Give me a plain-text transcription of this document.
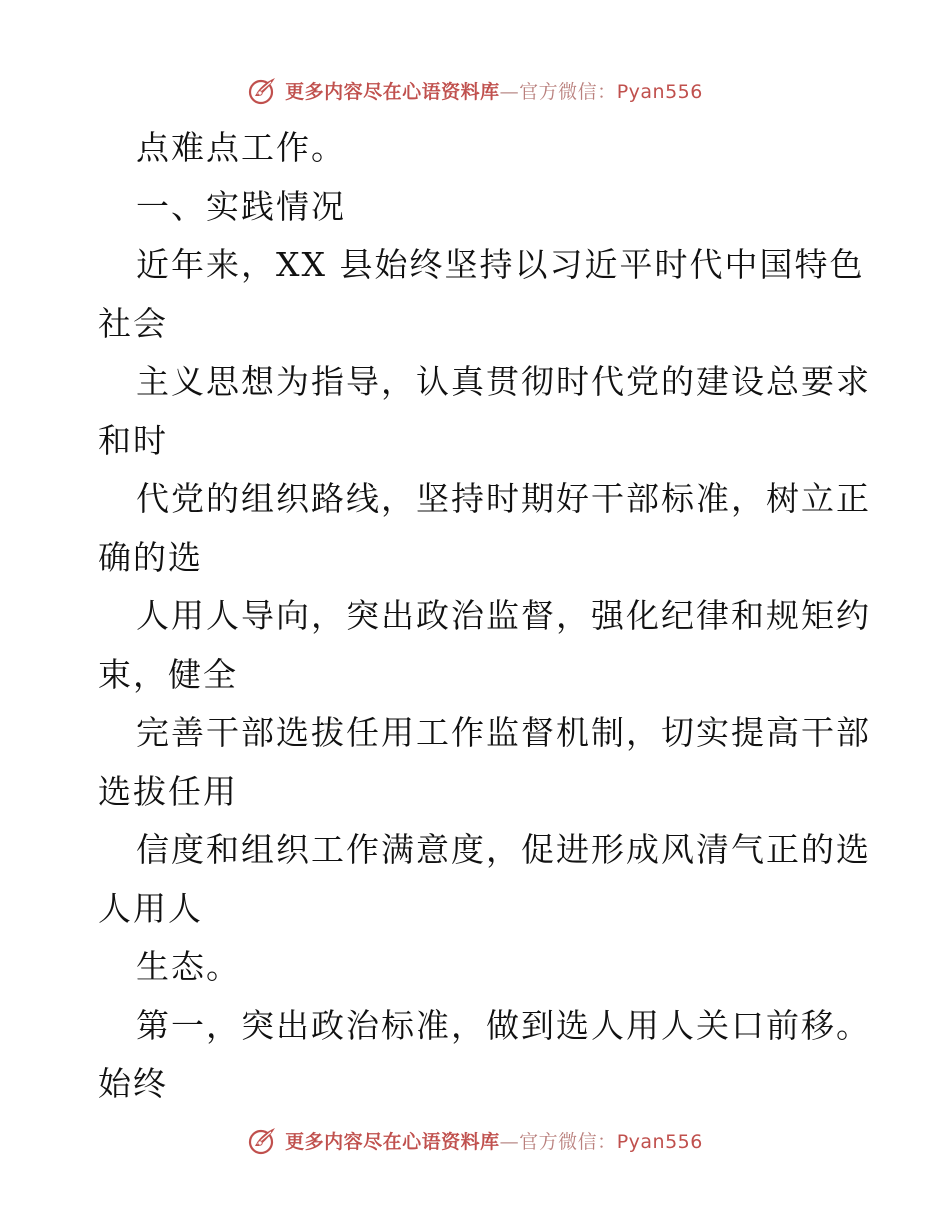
更多内容尽在心语资料库—官方微信：Pyan556
点难点工作。
一、实践情况
近年来，XX 县始终坚持以习近平时代中国特色
社会
主义思想为指导，认真贯彻时代党的建设总要求
和时
代党的组织路线，坚持时期好干部标准，树立正
确的选
人用人导向，突出政治监督，强化纪律和规矩约
束，健全
完善干部选拔任用工作监督机制，切实提高干部
选拔任用
信度和组织工作满意度，促进形成风清气正的选
人用人
生态。
第一，突出政治标准，做到选人用人关口前移。
始终
更多内容尽在心语资料库—官方微信：Pyan556
